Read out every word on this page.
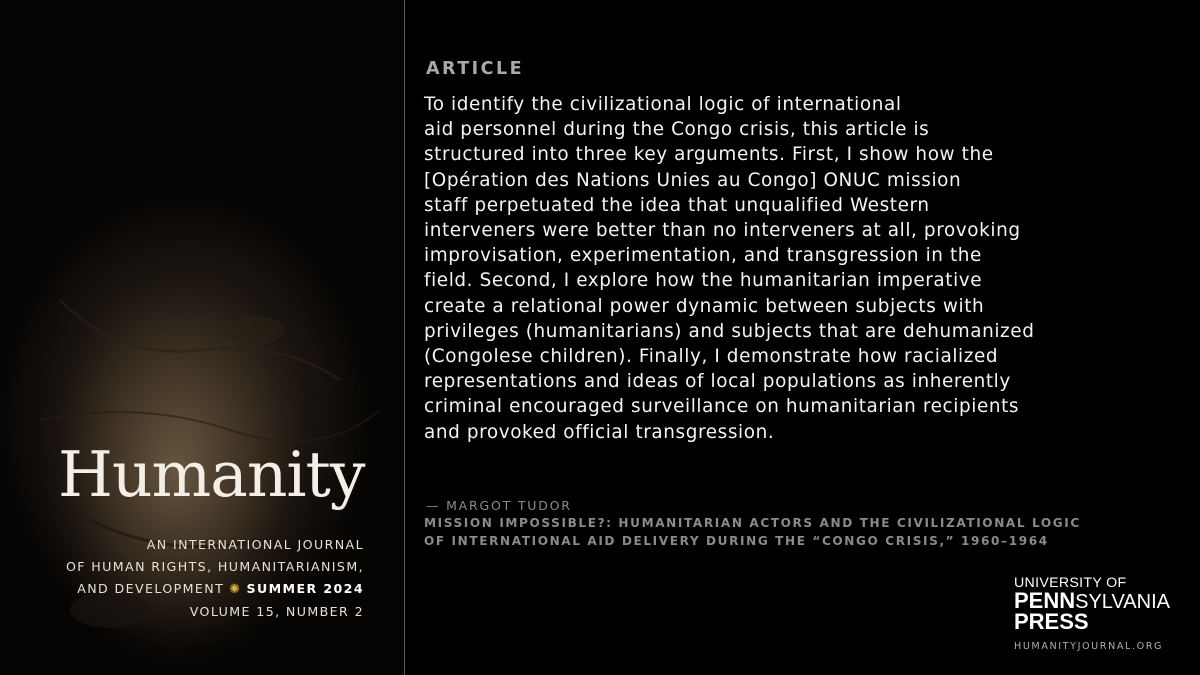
Humanity
AN INTERNATIONAL JOURNAL
OF HUMAN RIGHTS, HUMANITARIANISM,
AND DEVELOPMENT ✺ SUMMER 2024
VOLUME 15, NUMBER 2
ARTICLE

To identify the civilizational logic of international
aid personnel during the Congo crisis, this article is
structured into three key arguments. First, I show how the
[Opération des Nations Unies au Congo] ONUC mission
staff perpetuated the idea that unqualified Western
interveners were better than no interveners at all, provoking
improvisation, experimentation, and transgression in the
field. Second, I explore how the humanitarian imperative
create a relational power dynamic between subjects with
privileges (humanitarians) and subjects that are dehumanized
(Congolese children). Finally, I demonstrate how racialized
representations and ideas of local populations as inherently
criminal encouraged surveillance on humanitarian recipients
and provoked official transgression.

— MARGOT TUDOR
MISSION IMPOSSIBLE?: HUMANITARIAN ACTORS AND THE CIVILIZATIONAL LOGIC
OF INTERNATIONAL AID DELIVERY DURING THE “CONGO CRISIS,” 1960–1964
UNIVERSITY OF
PENNSYLVANIA
PRESS
HUMANITYJOURNAL.ORG
